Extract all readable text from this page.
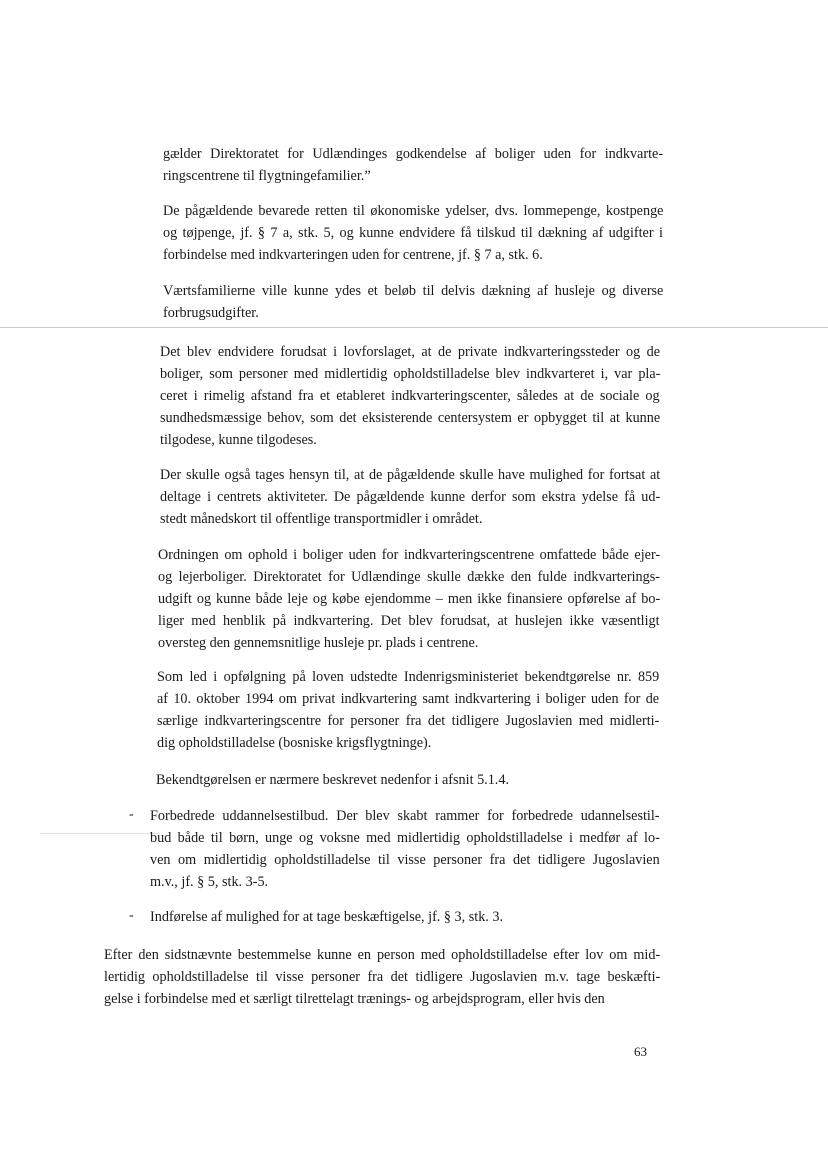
gælder Direktoratet for Udlændinges godkendelse af boliger uden for indkvarte-
ringscentrene til flygtningefamilier.”
De pågældende bevarede retten til økonomiske ydelser, dvs. lommepenge, kostpenge
og tøjpenge, jf. § 7 a, stk. 5, og kunne endvidere få tilskud til dækning af udgifter i
forbindelse med indkvarteringen uden for centrene, jf. § 7 a, stk. 6.
Værtsfamilierne ville kunne ydes et beløb til delvis dækning af husleje og diverse
forbrugsudgifter.
Det blev endvidere forudsat i lovforslaget, at de private indkvarteringssteder og de
boliger, som personer med midlertidig opholdstilladelse blev indkvarteret i, var pla-
ceret i rimelig afstand fra et etableret indkvarteringscenter, således at de sociale og
sundhedsmæssige behov, som det eksisterende centersystem er opbygget til at kunne
tilgodese, kunne tilgodeses.
Der skulle også tages hensyn til, at de pågældende skulle have mulighed for fortsat at
deltage i centrets aktiviteter. De pågældende kunne derfor som ekstra ydelse få ud-
stedt månedskort til offentlige transportmidler i området.
Ordningen om ophold i boliger uden for indkvarteringscentrene omfattede både ejer-
og lejerboliger. Direktoratet for Udlændinge skulle dække den fulde indkvarterings-
udgift og kunne både leje og købe ejendomme – men ikke finansiere opførelse af bo-
liger med henblik på indkvartering. Det blev forudsat, at huslejen ikke væsentligt
oversteg den gennemsnitlige husleje pr. plads i centrene.
Som led i opfølgning på loven udstedte Indenrigsministeriet bekendtgørelse nr. 859
af 10. oktober 1994 om privat indkvartering samt indkvartering i boliger uden for de
særlige indkvarteringscentre for personer fra det tidligere Jugoslavien med midlerti-
dig opholdstilladelse (bosniske krigsflygtninge).
Bekendtgørelsen er nærmere beskrevet nedenfor i afsnit 5.1.4.
- Forbedrede uddannelsestilbud. Der blev skabt rammer for forbedrede udannelsestil-
bud både til børn, unge og voksne med midlertidig opholdstilladelse i medfør af lo-
ven om midlertidig opholdstilladelse til visse personer fra det tidligere Jugoslavien
m.v., jf. § 5, stk. 3-5.
- Indførelse af mulighed for at tage beskæftigelse, jf. § 3, stk. 3.
Efter den sidstnævnte bestemmelse kunne en person med opholdstilladelse efter lov om mid-
lertidig opholdstilladelse til visse personer fra det tidligere Jugoslavien m.v. tage beskæfti-
gelse i forbindelse med et særligt tilrettelagt trænings- og arbejdsprogram, eller hvis den
63
